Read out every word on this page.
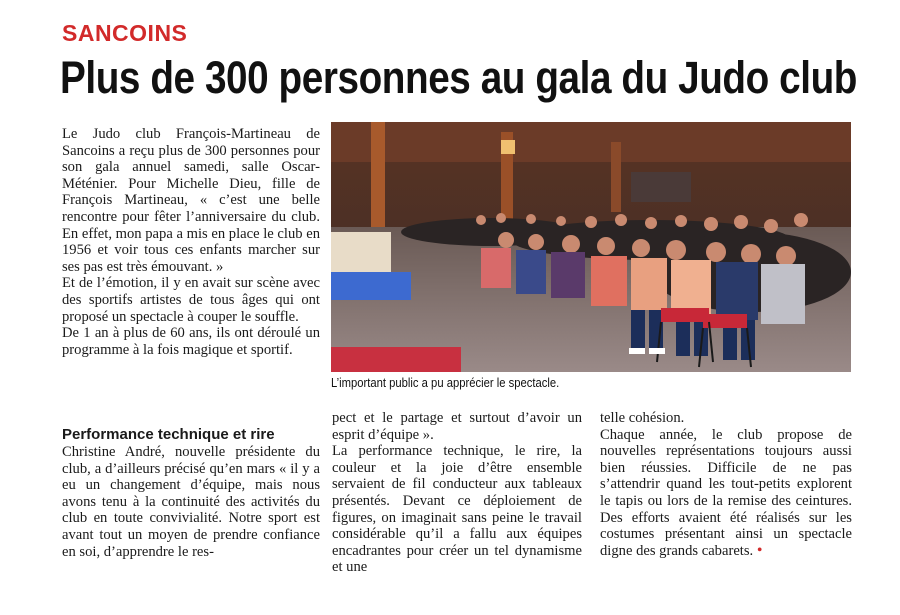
SANCOINS
Plus de 300 personnes au gala du Judo club

Le Judo club François-Martineau de Sancoins a reçu plus de 300 personnes pour son gala annuel samedi, salle Oscar-Méténier. Pour Michelle Dieu, fille de François Martineau, « c’est une belle rencontre pour fêter l’anniversaire du club. En effet, mon papa a mis en place le club en 1956 et voir tous ces enfants marcher sur ses pas est très émouvant. »

Et de l’émotion, il y en avait sur scène avec des sportifs artistes de tous âges qui ont proposé un spectacle à couper le souffle.

De 1 an à plus de 60 ans, ils ont déroulé un programme à la fois magique et sportif.

Performance technique et rire

Christine André, nouvelle présidente du club, a d’ailleurs précisé qu’en mars « il y a eu un changement d’équipe, mais nous avons tenu à la continuité des activités du club en toute convivialité. Notre sport est avant tout un moyen de prendre confiance en soi, d’apprendre le res-

pect et le partage et surtout d’avoir un esprit d’équipe ».

La performance technique, le rire, la couleur et la joie d’être ensemble servaient de fil conducteur aux tableaux présentés. Devant ce déploiement de figures, on imaginait sans peine le travail considérable qu’il a fallu aux équipes encadrantes pour créer un tel dynamisme et une

telle cohésion.

Chaque année, le club propose de nouvelles représentations toujours aussi bien réussies. Difficile de ne pas s’attendrir quand les tout-petits explorent le tapis ou lors de la remise des ceintures. Des efforts avaient été réalisés sur les costumes présentant ainsi un spectacle digne des grands cabarets. •

L’important public a pu apprécier le spectacle.
